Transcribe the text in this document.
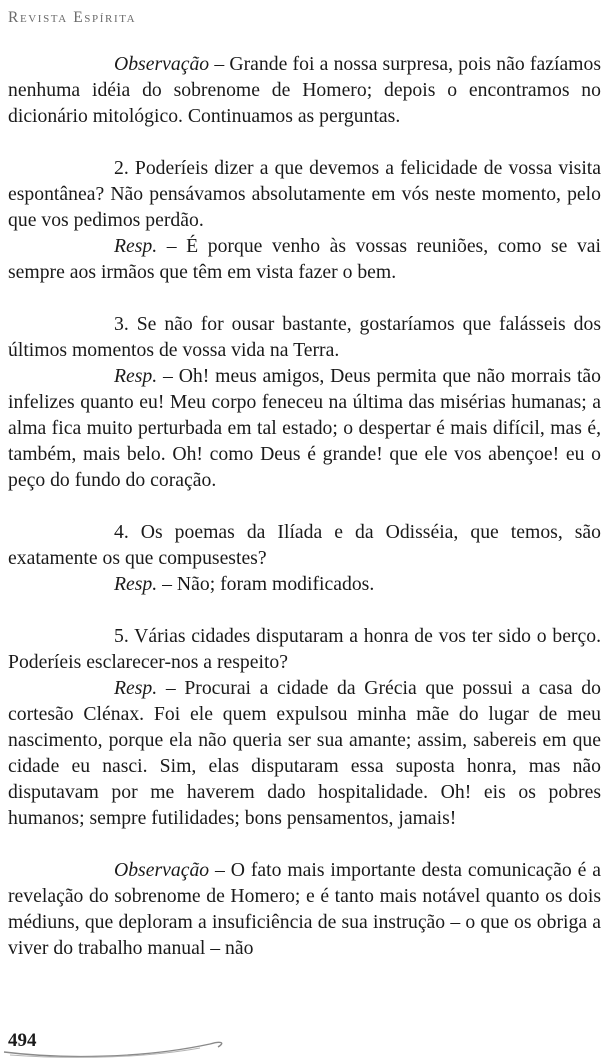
Revista Espírita

Observação – Grande foi a nossa surpresa, pois não fazíamos nenhuma idéia do sobrenome de Homero; depois o encontramos no dicionário mitológico. Continuamos as perguntas.

2. Poderíeis dizer a que devemos a felicidade de vossa visita espontânea? Não pensávamos absolutamente em vós neste momento, pelo que vos pedimos perdão.

Resp. – É porque venho às vossas reuniões, como se vai sempre aos irmãos que têm em vista fazer o bem.

3. Se não for ousar bastante, gostaríamos que falásseis dos últimos momentos de vossa vida na Terra.

Resp. – Oh! meus amigos, Deus permita que não morrais tão infelizes quanto eu! Meu corpo feneceu na última das misérias humanas; a alma fica muito perturbada em tal estado; o despertar é mais difícil, mas é, também, mais belo. Oh! como Deus é grande! que ele vos abençoe! eu o peço do fundo do coração.

4. Os poemas da Ilíada e da Odisséia, que temos, são exatamente os que compusestes?

Resp. – Não; foram modificados.

5. Várias cidades disputaram a honra de vos ter sido o berço. Poderíeis esclarecer-nos a respeito?

Resp. – Procurai a cidade da Grécia que possui a casa do cortesão Clénax. Foi ele quem expulsou minha mãe do lugar de meu nascimento, porque ela não queria ser sua amante; assim, sabereis em que cidade eu nasci. Sim, elas disputaram essa suposta honra, mas não disputavam por me haverem dado hospitalidade. Oh! eis os pobres humanos; sempre futilidades; bons pensamentos, jamais!

Observação – O fato mais importante desta comunicação é a revelação do sobrenome de Homero; e é tanto mais notável quanto os dois médiuns, que deploram a insuficiência de sua instrução – o que os obriga a viver do trabalho manual – não

494
